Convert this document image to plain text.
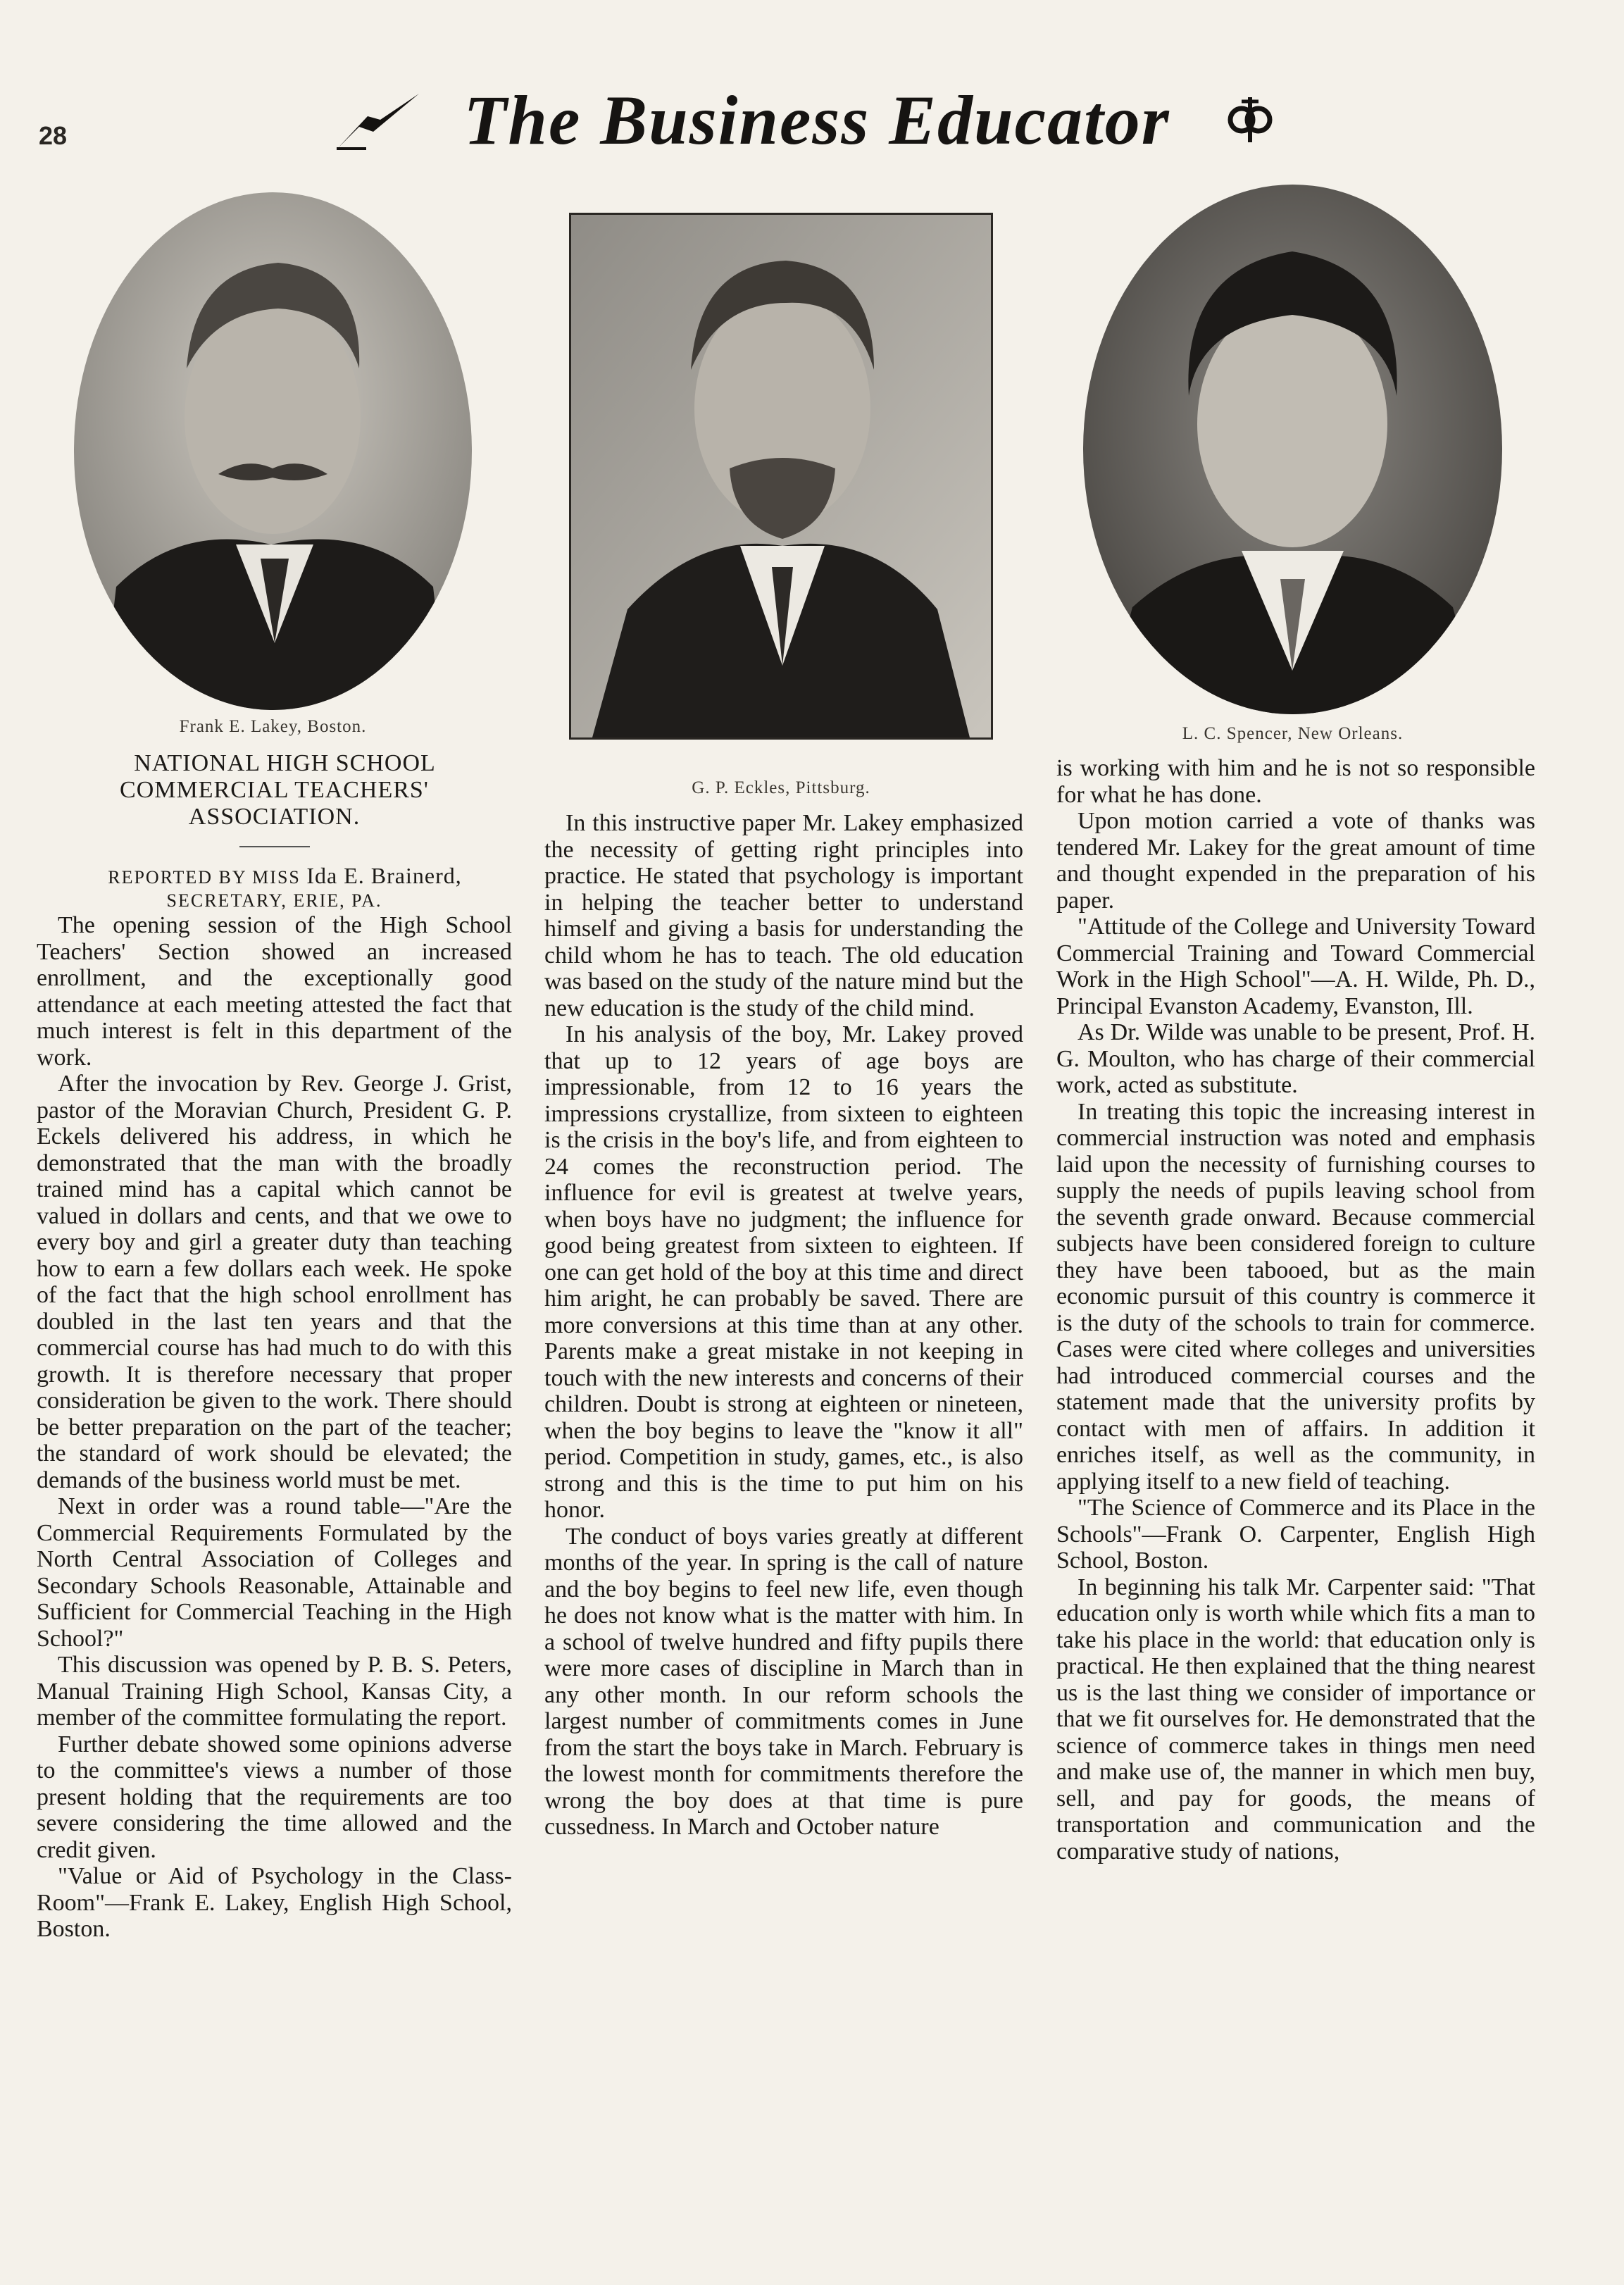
28	The Business Educator
Frank E. Lakey, Boston.
G. P. Eckles, Pittsburg.
L. C. Spencer, New Orleans.

NATIONAL HIGH SCHOOL COMMERCIAL TEACHERS' ASSOCIATION.

REPORTED BY MISS Ida E. Brainerd,
SECRETARY, ERIE, PA.

The opening session of the High School Teachers' Section showed an increased enrollment, and the exceptionally good attendance at each meeting attested the fact that much interest is felt in this department of the work.

After the invocation by Rev. George J. Grist, pastor of the Moravian Church, President G. P. Eckels delivered his address, in which he demonstrated that the man with the broadly trained mind has a capital which cannot be valued in dollars and cents, and that we owe to every boy and girl a greater duty than teaching how to earn a few dollars each week. He spoke of the fact that the high school enrollment has doubled in the last ten years and that the commercial course has had much to do with this growth. It is therefore necessary that proper consideration be given to the work. There should be better preparation on the part of the teacher; the standard of work should be elevated; the demands of the business world must be met.

Next in order was a round table—"Are the Commercial Requirements Formulated by the North Central Association of Colleges and Secondary Schools Reasonable, Attainable and Sufficient for Commercial Teaching in the High School?"

This discussion was opened by P. B. S. Peters, Manual Training High School, Kansas City, a member of the committee formulating the report.

Further debate showed some opinions adverse to the committee's views a number of those present holding that the requirements are too severe considering the time allowed and the credit given.

"Value or Aid of Psychology in the Class-Room"—Frank E. Lakey, English High School, Boston.

In this instructive paper Mr. Lakey emphasized the necessity of getting right principles into practice. He stated that psychology is important in helping the teacher better to understand himself and giving a basis for understanding the child whom he has to teach. The old education was based on the study of the nature mind but the new education is the study of the child mind.

In his analysis of the boy, Mr. Lakey proved that up to 12 years of age boys are impressionable, from 12 to 16 years the impressions crystallize, from sixteen to eighteen is the crisis in the boy's life, and from eighteen to 24 comes the reconstruction period. The influence for evil is greatest at twelve years, when boys have no judgment; the influence for good being greatest from sixteen to eighteen. If one can get hold of the boy at this time and direct him aright, he can probably be saved. There are more conversions at this time than at any other. Parents make a great mistake in not keeping in touch with the new interests and concerns of their children. Doubt is strong at eighteen or nineteen, when the boy begins to leave the "know it all" period. Competition in study, games, etc., is also strong and this is the time to put him on his honor.

The conduct of boys varies greatly at different months of the year. In spring is the call of nature and the boy begins to feel new life, even though he does not know what is the matter with him. In a school of twelve hundred and fifty pupils there were more cases of discipline in March than in any other month. In our reform schools the largest number of commitments comes in June from the start the boys take in March. February is the lowest month for commitments therefore the wrong the boy does at that time is pure cussedness. In March and October nature

is working with him and he is not so responsible for what he has done.

Upon motion carried a vote of thanks was tendered Mr. Lakey for the great amount of time and thought expended in the preparation of his paper.

"Attitude of the College and University Toward Commercial Training and Toward Commercial Work in the High School"—A. H. Wilde, Ph. D., Principal Evanston Academy, Evanston, Ill.

As Dr. Wilde was unable to be present, Prof. H. G. Moulton, who has charge of their commercial work, acted as substitute.

In treating this topic the increasing interest in commercial instruction was noted and emphasis laid upon the necessity of furnishing courses to supply the needs of pupils leaving school from the seventh grade onward. Because commercial subjects have been considered foreign to culture they have been tabooed, but as the main economic pursuit of this country is commerce it is the duty of the schools to train for commerce. Cases were cited where colleges and universities had introduced commercial courses and the statement made that the university profits by contact with men of affairs. In addition it enriches itself, as well as the community, in applying itself to a new field of teaching.

"The Science of Commerce and its Place in the Schools"—Frank O. Carpenter, English High School, Boston.

In beginning his talk Mr. Carpenter said: "That education only is worth while which fits a man to take his place in the world: that education only is practical. He then explained that the thing nearest us is the last thing we consider of importance or that we fit ourselves for. He demonstrated that the science of commerce takes in things men need and make use of, the manner in which men buy, sell, and pay for goods, the means of transportation and communication and the comparative study of nations,
